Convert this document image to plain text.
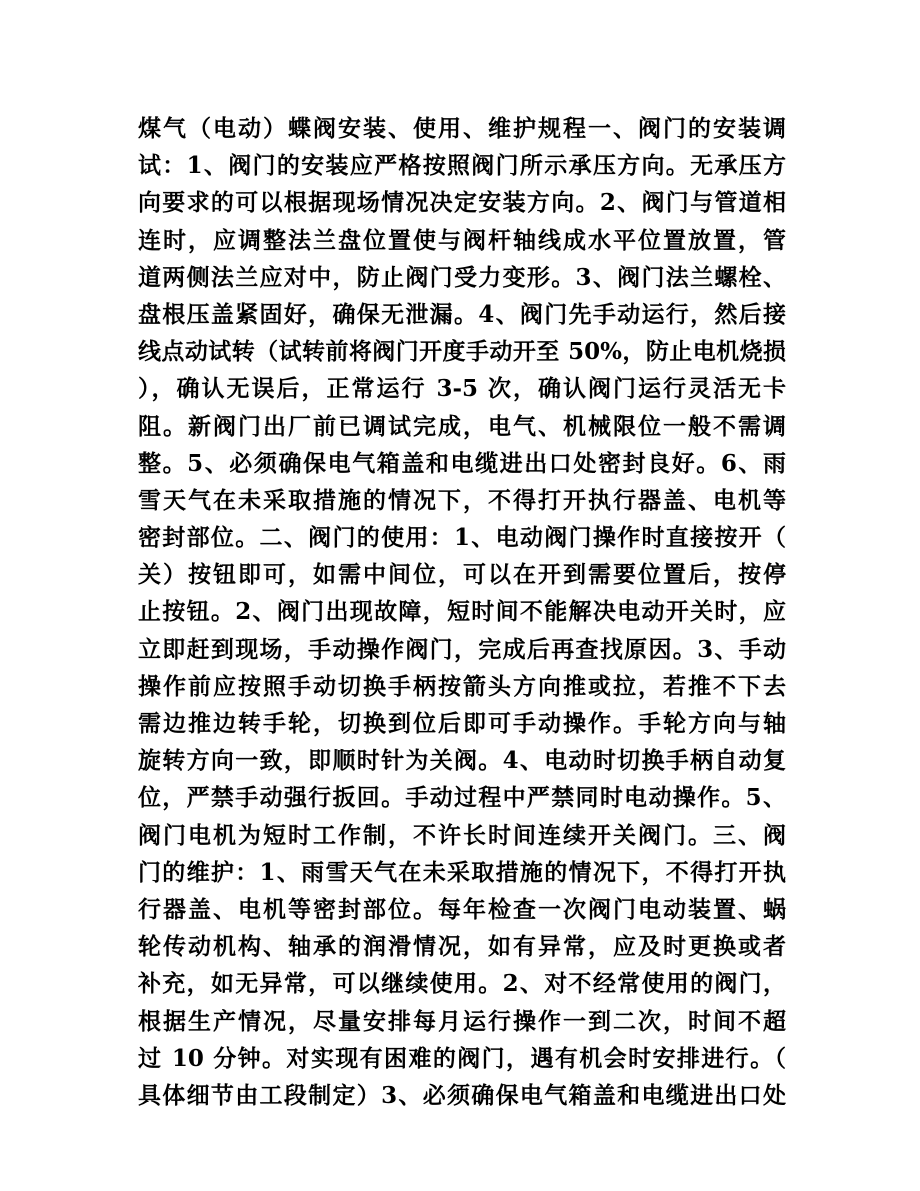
煤气（电动）蝶阀安装、使用、维护规程一、阀门的安装调
试：1、阀门的安装应严格按照阀门所示承压方向。无承压方
向要求的可以根据现场情况决定安装方向。2、阀门与管道相
连时，应调整法兰盘位置使与阀杆轴线成水平位置放置，管
道两侧法兰应对中，防止阀门受力变形。3、阀门法兰螺栓、
盘根压盖紧固好，确保无泄漏。4、阀门先手动运行，然后接
线点动试转（试转前将阀门开度手动开至 50%，防止电机烧损
），确认无误后，正常运行 3-5 次，确认阀门运行灵活无卡
阻。新阀门出厂前已调试完成，电气、机械限位一般不需调
整。5、必须确保电气箱盖和电缆进出口处密封良好。6、雨
雪天气在未采取措施的情况下，不得打开执行器盖、电机等
密封部位。二、阀门的使用：1、电动阀门操作时直接按开（
关）按钮即可，如需中间位，可以在开到需要位置后，按停
止按钮。2、阀门出现故障，短时间不能解决电动开关时，应
立即赶到现场，手动操作阀门，完成后再查找原因。3、手动
操作前应按照手动切换手柄按箭头方向推或拉，若推不下去
需边推边转手轮，切换到位后即可手动操作。手轮方向与轴
旋转方向一致，即顺时针为关阀。4、电动时切换手柄自动复
位，严禁手动强行扳回。手动过程中严禁同时电动操作。5、
阀门电机为短时工作制，不许长时间连续开关阀门。三、阀
门的维护：1、雨雪天气在未采取措施的情况下，不得打开执
行器盖、电机等密封部位。每年检查一次阀门电动装置、蜗
轮传动机构、轴承的润滑情况，如有异常，应及时更换或者
补充，如无异常，可以继续使用。2、对不经常使用的阀门，
根据生产情况，尽量安排每月运行操作一到二次，时间不超
过 10 分钟。对实现有困难的阀门，遇有机会时安排进行。（
具体细节由工段制定）3、必须确保电气箱盖和电缆进出口处
